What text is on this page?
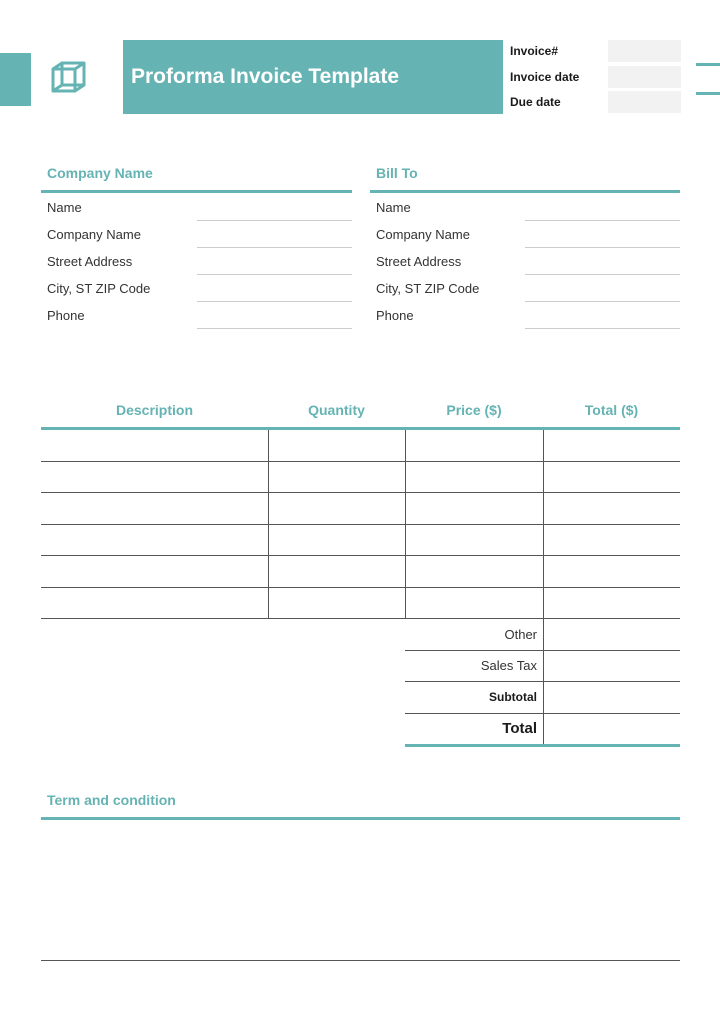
Proforma Invoice Template
Invoice#
Invoice date
Due date
Company Name
Name
Company Name
Street Address
City, ST ZIP Code
Phone
Bill To
Name
Company Name
Street Address
City, ST ZIP Code
Phone
Description	Quantity	Price ($)	Total ($)
Other
Sales Tax
Subtotal
Total
Term and condition
